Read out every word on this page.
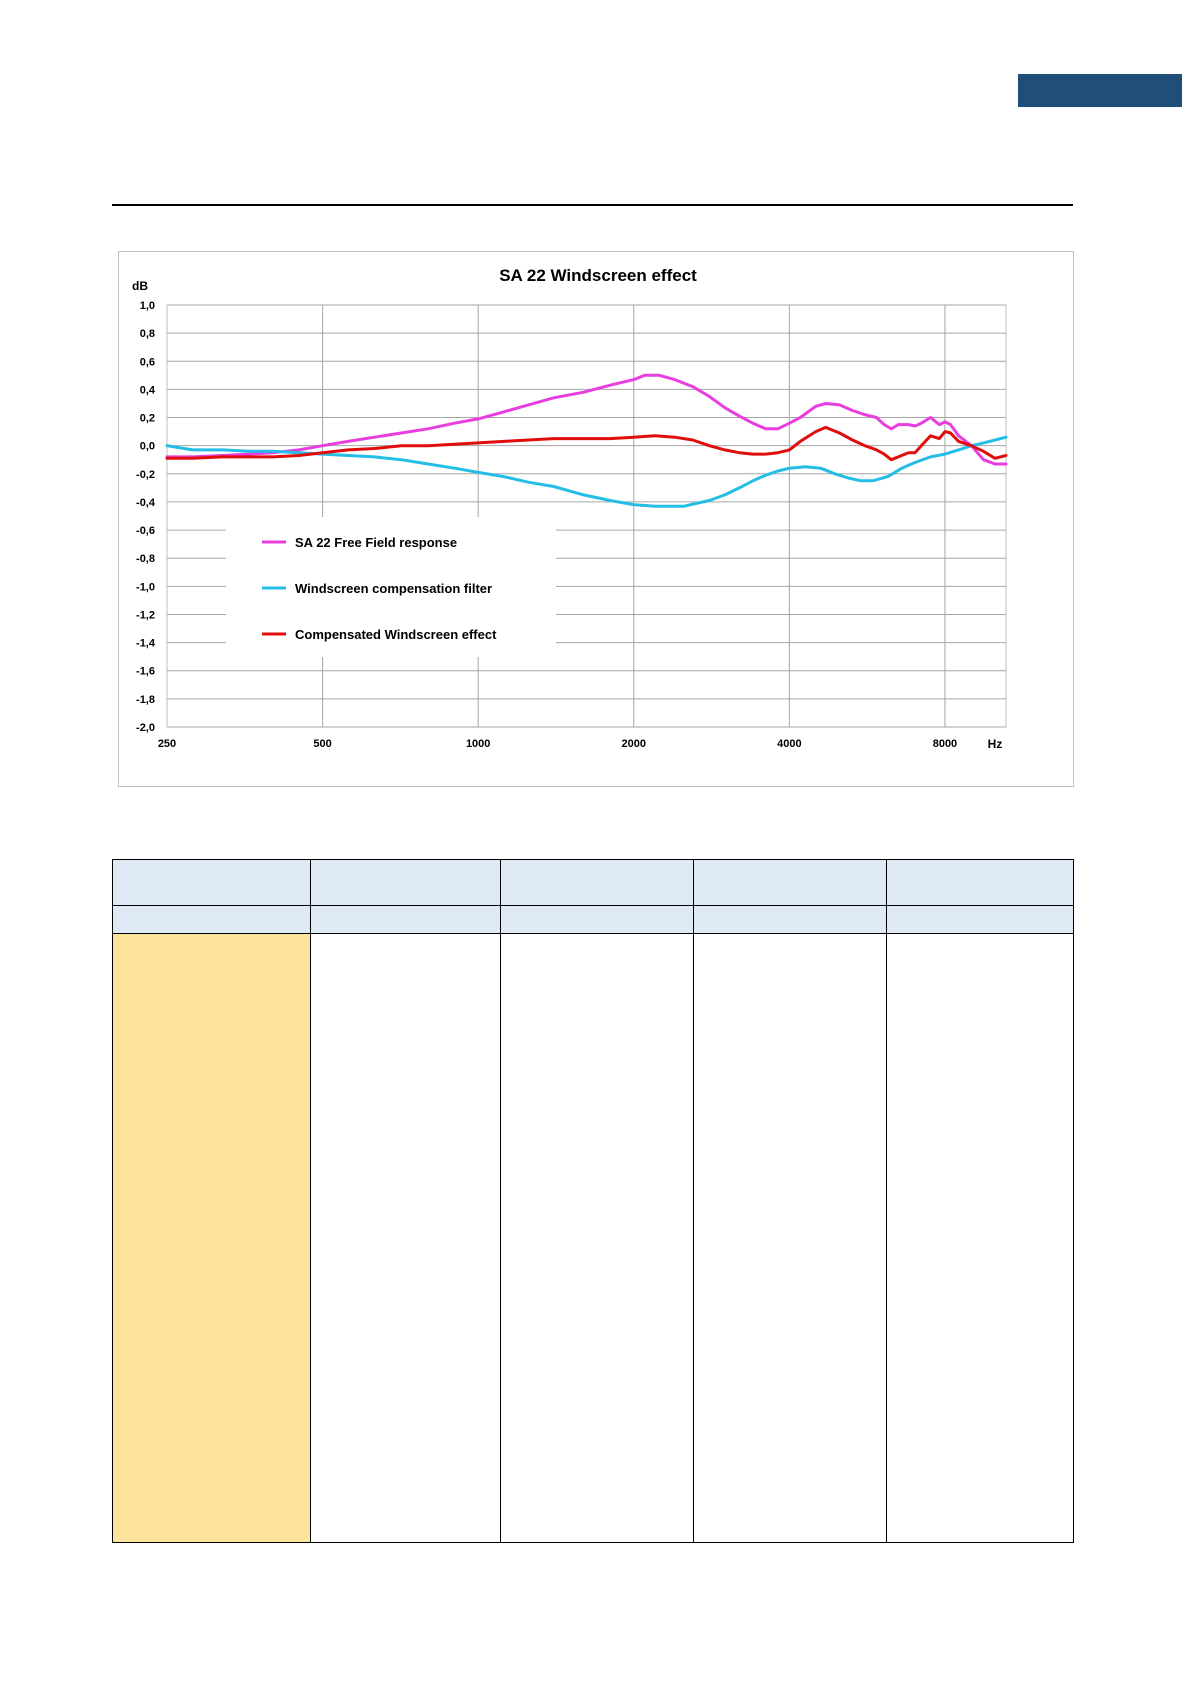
SA 22 Windscreen effect
dB
Hz
1,0
0,8
0,6
0,4
0,2
0,0
-0,2
-0,4
-0,6
-0,8
-1,0
-1,2
-1,4
-1,6
-1,8
-2,0
250	500	1000	2000	4000	8000
SA 22 Free Field response
Windscreen compensation filter
Compensated Windscreen effect
